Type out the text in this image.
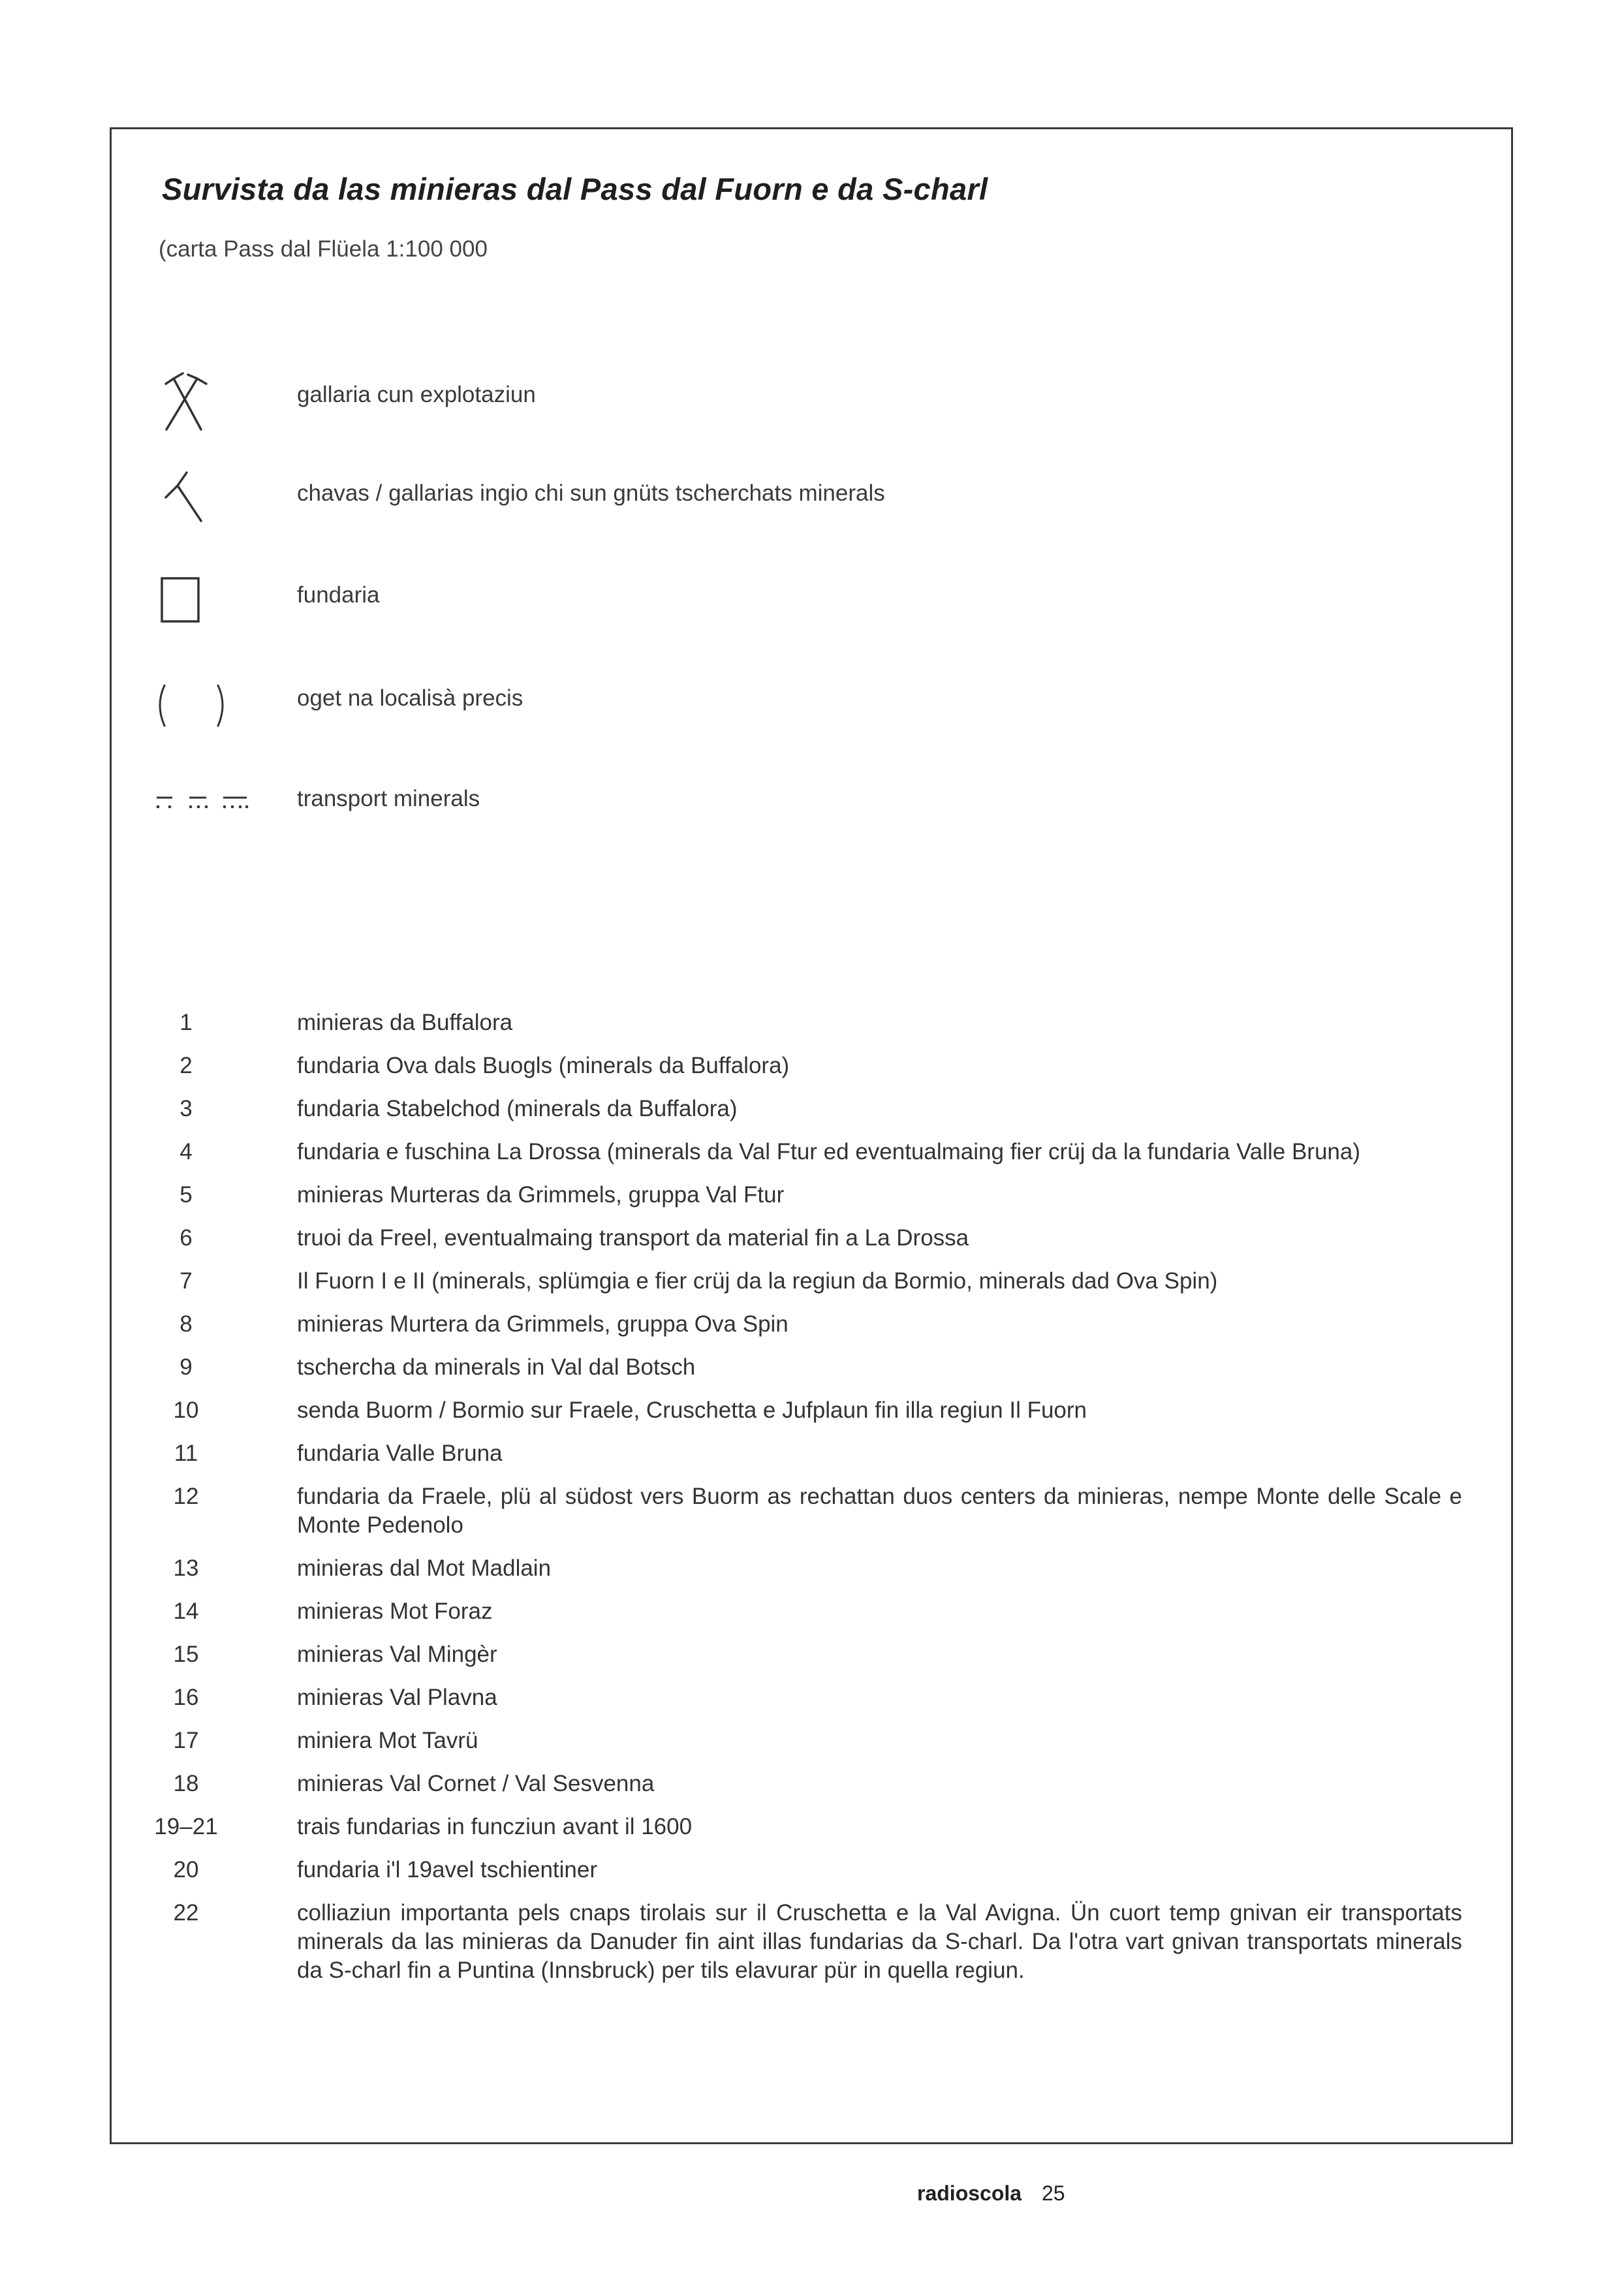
Survista da las minieras dal Pass dal Fuorn e da S-charl
(carta Pass dal Flüela 1:100 000
gallaria cun explotaziun
chavas / gallarias ingio chi sun gnüts tscherchats minerals
fundaria
oget na localisà precis
transport minerals
1	minieras da Buffalora
2	fundaria Ova dals Buogls (minerals da Buffalora)
3	fundaria Stabelchod (minerals da Buffalora)
4	fundaria e fuschina La Drossa (minerals da Val Ftur ed eventualmaing fier crüj da la fundaria Valle Bruna)
5	minieras Murteras da Grimmels, gruppa Val Ftur
6	truoi da Freel, eventualmaing transport da material fin a La Drossa
7	Il Fuorn I e II (minerals, splümgia e fier crüj da la regiun da Bormio, minerals dad Ova Spin)
8	minieras Murtera da Grimmels, gruppa Ova Spin
9	tschercha da minerals in Val dal Botsch
10	senda Buorm / Bormio sur Fraele, Cruschetta e Jufplaun fin illa regiun Il Fuorn
11	fundaria Valle Bruna
12	fundaria da Fraele, plü al südost vers Buorm as rechattan duos centers da minieras, nempe Monte delle Scale e Monte Pedenolo
13	minieras dal Mot Madlain
14	minieras Mot Foraz
15	minieras Val Mingèr
16	minieras Val Plavna
17	miniera Mot Tavrü
18	minieras Val Cornet / Val Sesvenna
19–21	trais fundarias in funcziun avant il 1600
20	fundaria i'l 19avel tschientiner
22	colliaziun importanta pels cnaps tirolais sur il Cruschetta e la Val Avigna. Ün cuort temp gnivan eir transportats minerals da las minieras da Danuder fin aint illas fundarias da S-charl. Da l'otra vart gnivan transportats minerals da S-charl fin a Puntina (Innsbruck) per tils elavurar pür in quella regiun.
radioscola 25
